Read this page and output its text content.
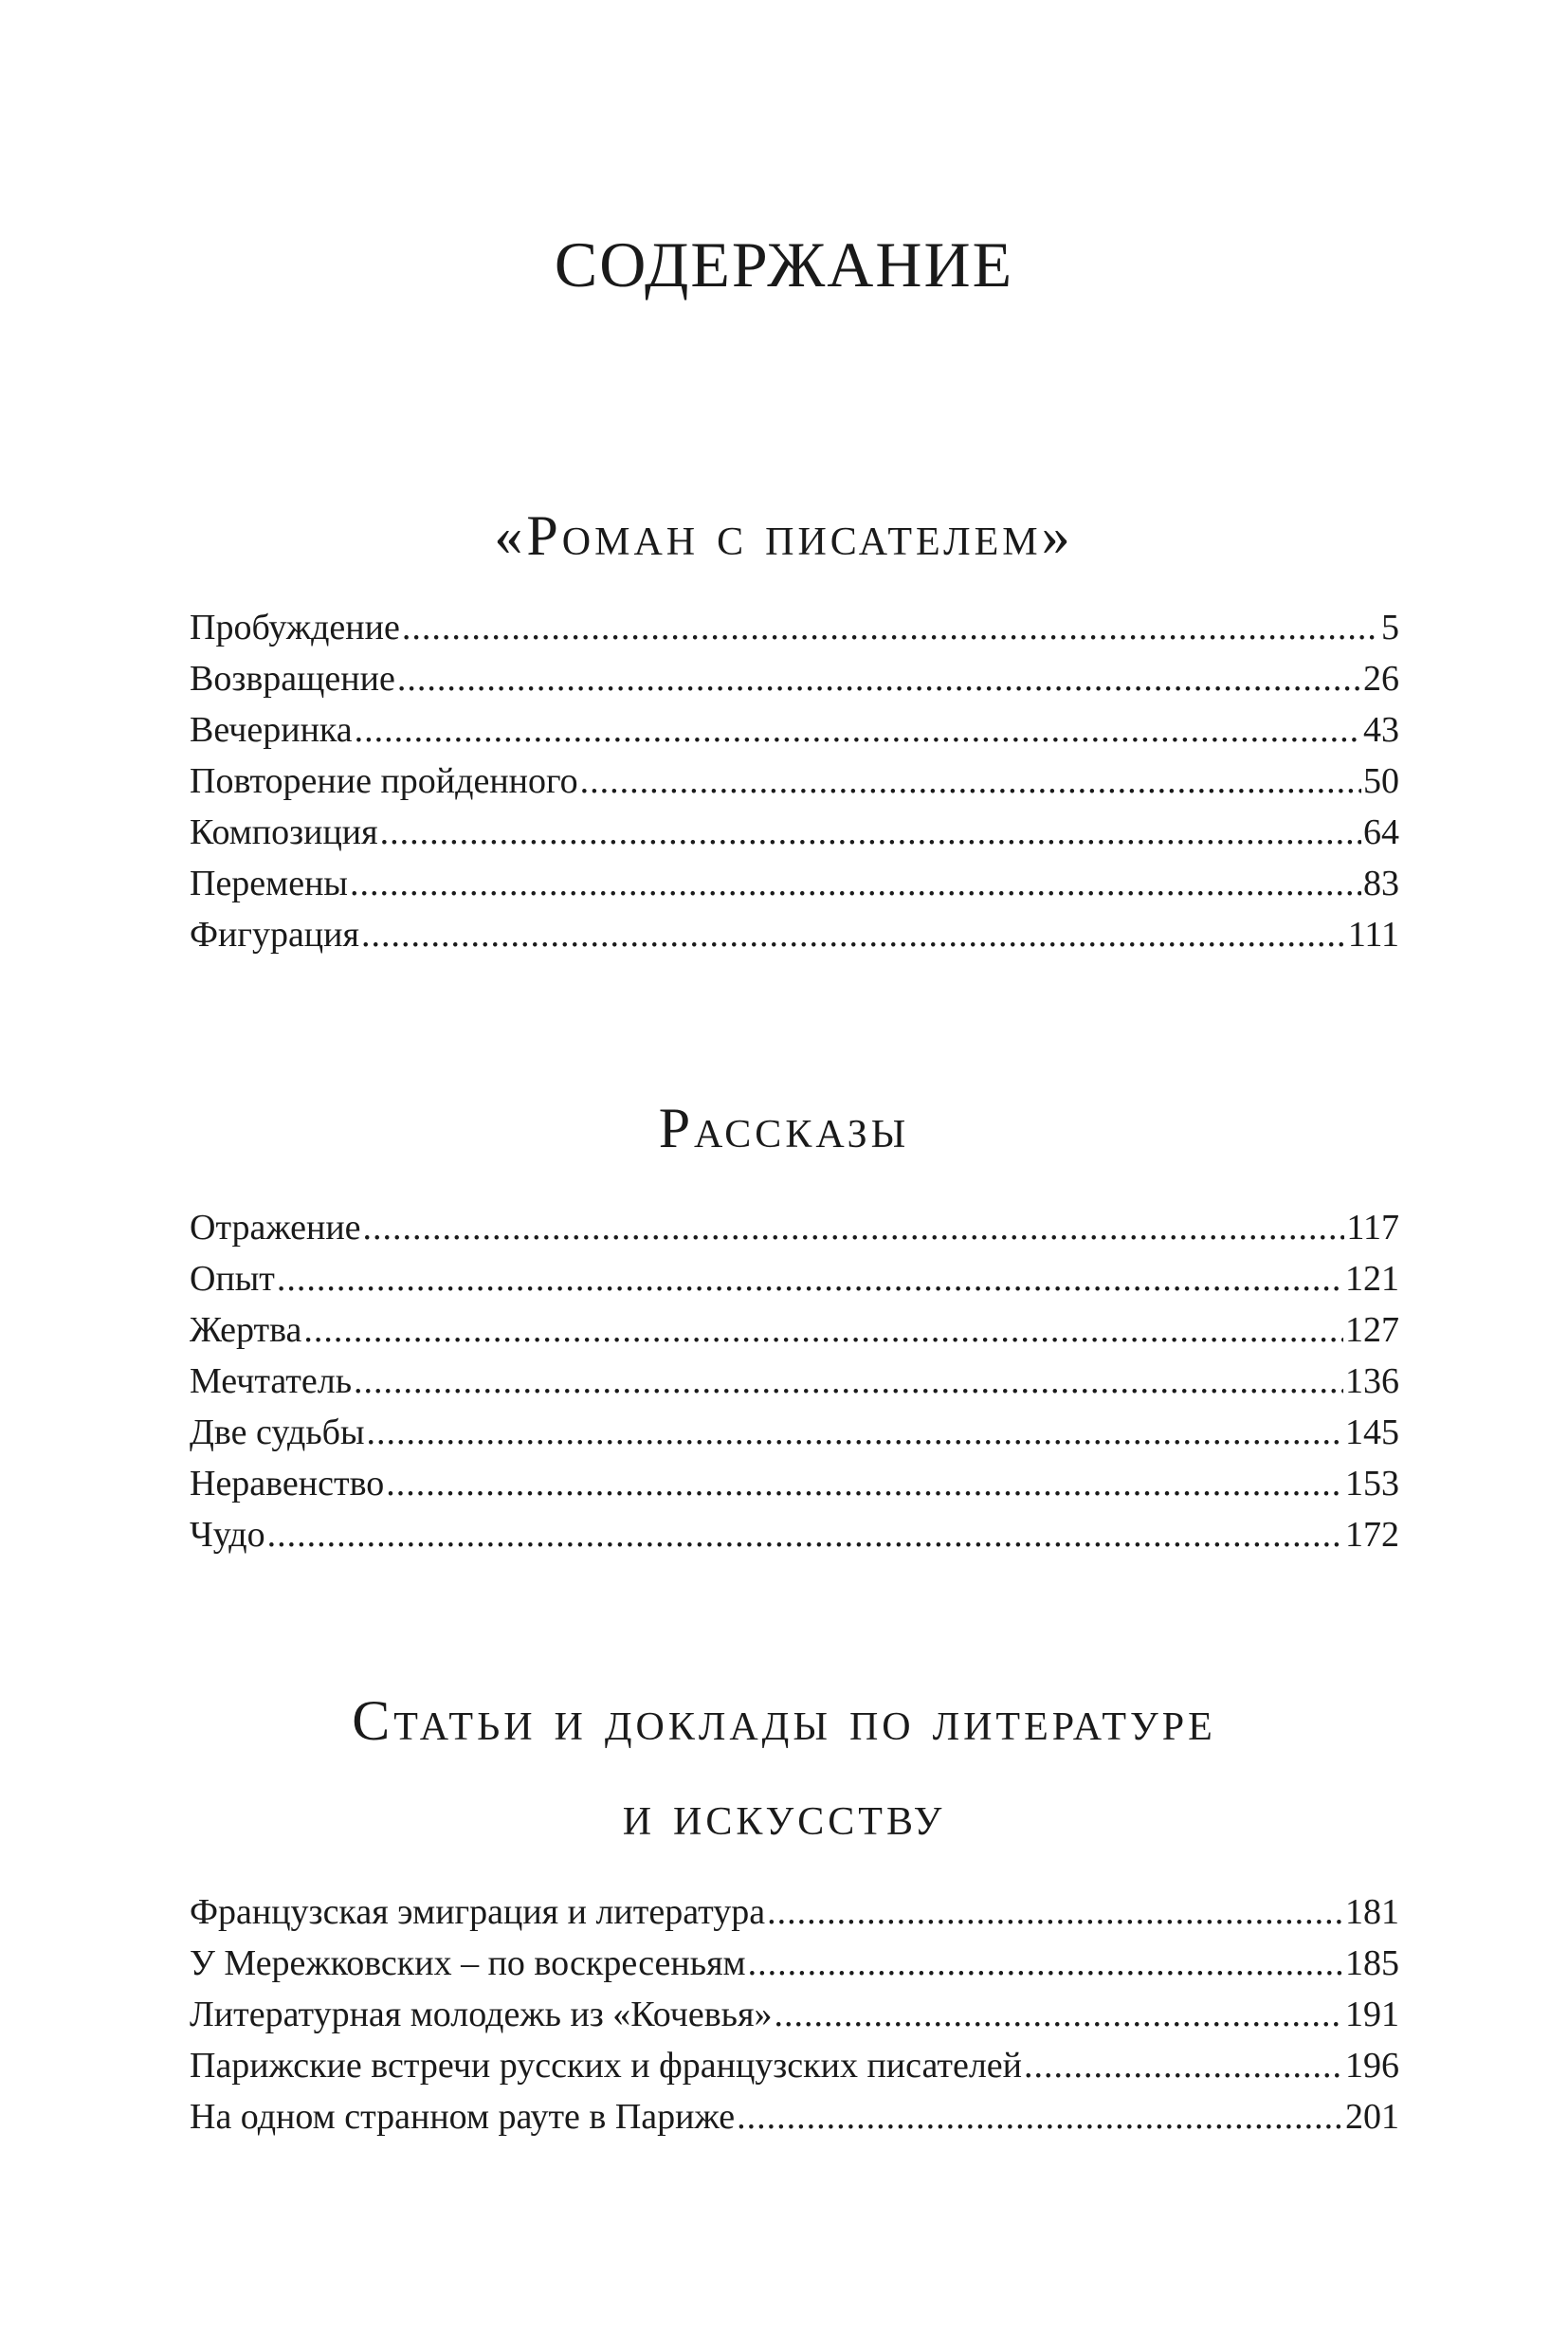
СОДЕРЖАНИЕ
«Роман с писателем»
Пробуждение .....	5
Возвращение .....	26
Вечеринка .....	43
Повторение пройденного .....	50
Композиция .....	64
Перемены .....	83
Фигурация .....	111
Рассказы
Отражение .....	117
Опыт .....	121
Жертва .....	127
Мечтатель .....	136
Две судьбы .....	145
Неравенство .....	153
Чудо .....	172
Статьи и доклады по литературе
и искусству
Французская эмиграция и литература .....	181
У Мережковских – по воскресеньям .....	185
Литературная молодежь из «Кочевья» .....	191
Парижские встречи русских и французских писателей .....	196
На одном странном рауте в Париже .....	201
